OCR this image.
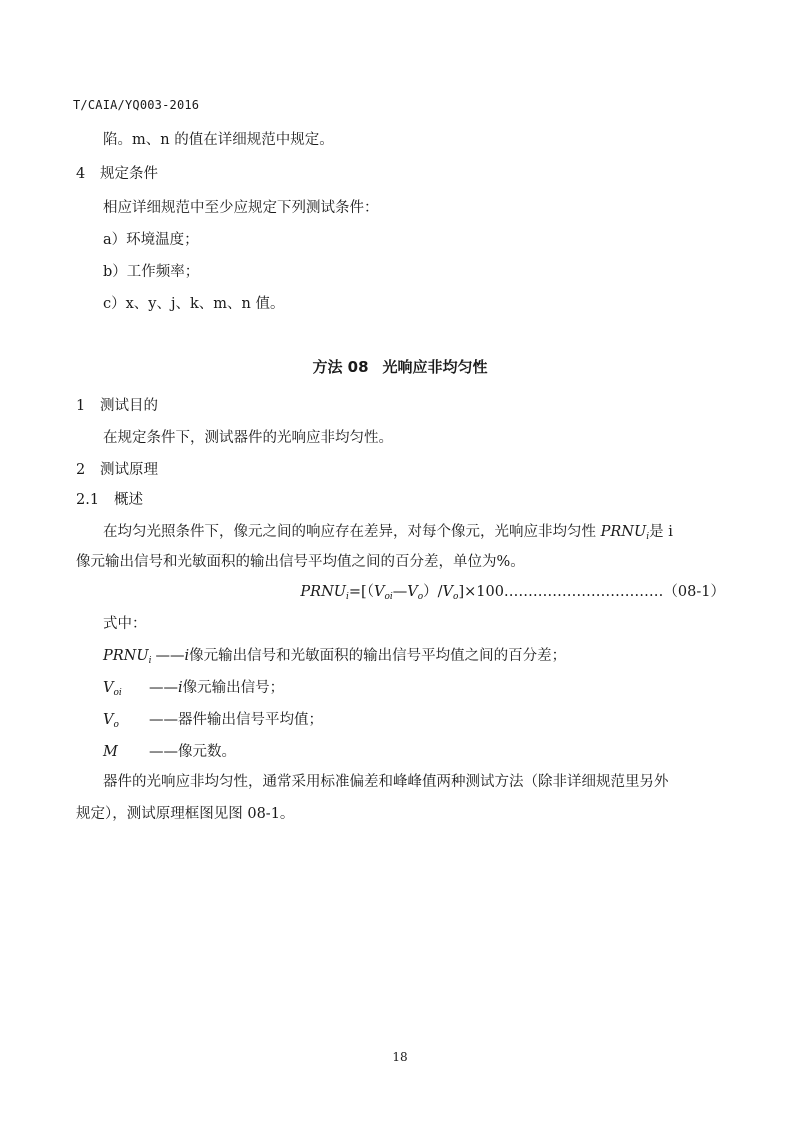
T/CAIA/YQ003-2016
陷。m、n 的值在详细规范中规定。
4 规定条件
相应详细规范中至少应规定下列测试条件：
a）环境温度；
b）工作频率；
c）x、y、j、k、m、n 值。
方法 08 光响应非均匀性
1 测试目的
在规定条件下，测试器件的光响应非均匀性。
2 测试原理
2.1 概述
在均匀光照条件下，像元之间的响应存在差异，对每个像元，光响应非均匀性 $PRNU_i$是 i
像元输出信号和光敏面积的输出信号平均值之间的百分差，单位为%。
$PRNU_i=[(V_{oi}—V_o)/V_o]\times 100\dots\dots\dots\dots\dots\dots\dots\dots\dots\dots\dots(08-1)$
式中：
$PRNU_i$ ——i像元输出信号和光敏面积的输出信号平均值之间的百分差；
$V_{oi}$ ——i像元输出信号；
$V_o$ ——器件输出信号平均值；
M ——像元数。
器件的光响应非均匀性，通常采用标准偏差和峰峰值两种测试方法（除非详细规范里另外
规定），测试原理框图见图 08-1。
18
